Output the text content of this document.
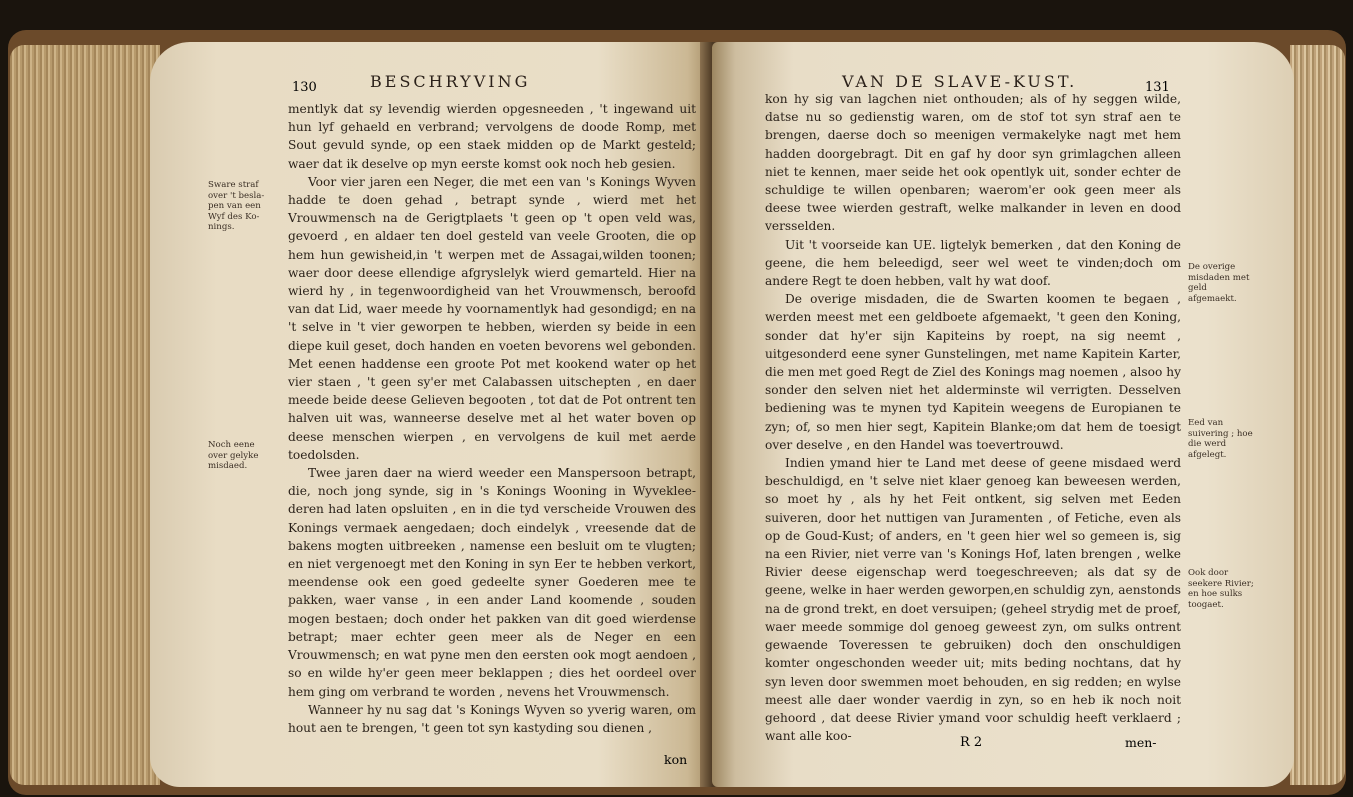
130	BESCHRYVING
Sware straf over 't besla-pen van een Wyf des Ko-nings.
Noch eene over gelyke misdaed.

mentlyk dat sy levendig wierden opgesneeden , 't ingewand uit hun lyf gehaeld en verbrand; vervolgens de doode Romp, met Sout gevuld synde, op een staek midden op de Markt gesteld; waer dat ik deselve op myn eerste komst ook noch heb gesien.

Voor vier jaren een Neger, die met een van 's Konings Wyven hadde te doen gehad , betrapt synde , wierd met het Vrouwmensch na de Gerigtplaets 't geen op 't open veld was, gevoerd , en aldaer ten doel gesteld van veele Grooten, die op hem hun gewisheid,in 't werpen met de Assagai,wilden toonen; waer door deese ellendige afgryslelyk wierd gemarteld. Hier na wierd hy , in tegenwoordigheid van het Vrouwmensch, beroofd van dat Lid, waer meede hy voornamentlyk had gesondigd; en na 't selve in 't vier geworpen te hebben, wierden sy beide in een diepe kuil geset, doch handen en voeten bevorens wel gebonden. Met eenen haddense een groote Pot met kookend water op het vier staen , 't geen sy'er met Calabassen uitschepten , en daer meede beide deese Gelieven begooten , tot dat de Pot ontrent ten halven uit was, wanneerse deselve met al het water boven op deese menschen wierpen , en vervolgens de kuil met aerde toedolsden.

Twee jaren daer na wierd weeder een Manspersoon betrapt, die, noch jong synde, sig in 's Konings Wooning in Wyveklee-deren had laten opsluiten , en in die tyd verscheide Vrouwen des Konings vermaek aengedaen; doch eindelyk , vreesende dat de bakens mogten uitbreeken , namense een besluit om te vlugten; en niet vergenoegt met den Koning in syn Eer te hebben verkort, meendense ook een goed gedeelte syner Goederen mee te pakken, waer vanse , in een ander Land koomende , souden mogen bestaen; doch onder het pakken van dit goed wierdense betrapt; maer echter geen meer als de Neger en een Vrouwmensch; en wat pyne men den eersten ook mogt aendoen , so en wilde hy'er geen meer beklappen ; dies het oordeel over hem ging om verbrand te worden , nevens het Vrouwmensch.

Wanneer hy nu sag dat 's Konings Wyven so yverig waren, om hout aen te brengen, 't geen tot syn kastyding sou dienen ,

kon
VAN DE SLAVE-KUST.	131

kon hy sig van lagchen niet onthouden; als of hy seggen wilde, datse nu so gedienstig waren, om de stof tot syn straf aen te brengen, daerse doch so meenigen vermakelyke nagt met hem hadden doorgebragt. Dit en gaf hy door syn grimlagchen alleen niet te kennen, maer seide het ook opentlyk uit, sonder echter de schuldige te willen openbaren; waerom'er ook geen meer als deese twee wierden gestraft, welke malkander in leven en dood versselden.

Uit 't voorseide kan UE. ligtelyk bemerken , dat den Koning de geene, die hem beleedigd, seer wel weet te vinden;doch om andere Regt te doen hebben, valt hy wat doof.

De overige misdaden, die de Swarten koomen te begaen , werden meest met een geldboete afgemaekt, 't geen den Koning, sonder dat hy'er sijn Kapiteins by roept, na sig neemt , uitgesonderd eene syner Gunstelingen, met name Kapitein Karter, die men met goed Regt de Ziel des Konings mag noemen , alsoo hy sonder den selven niet het alderminste wil verrigten. Desselven bediening was te mynen tyd Kapitein weegens de Europianen te zyn; of, so men hier segt, Kapitein Blanke;om dat hem de toesigt over deselve , en den Handel was toevertrouwd.

Indien ymand hier te Land met deese of geene misdaed werd beschuldigd, en 't selve niet klaer genoeg kan beweesen werden, so moet hy , als hy het Feit ontkent, sig selven met Eeden suiveren, door het nuttigen van Juramenten , of Fetiche, even als op de Goud-Kust; of anders, en 't geen hier wel so gemeen is, sig na een Rivier, niet verre van 's Konings Hof, laten brengen , welke Rivier deese eigenschap werd toegeschreeven; als dat sy de geene, welke in haer werden geworpen,en schuldig zyn, aenstonds na de grond trekt, en doet versuipen; (geheel strydig met de proef, waer meede sommige dol genoeg geweest zyn, om sulks ontrent gewaende Toveressen te gebruiken) doch den onschuldigen komter ongeschonden weeder uit; mits beding nochtans, dat hy syn leven door swemmen moet behouden, en sig redden; en wylse meest alle daer wonder vaerdig in zyn, so en heb ik noch noit gehoord , dat deese Rivier ymand voor schuldig heeft verklaerd ; want alle koo-

De overige misdaden met geld afgemaekt.
Eed van suivering ; hoe die werd afgelegt.
Ook door seekere Rivier; en hoe sulks toogaet.
R 2	men-
